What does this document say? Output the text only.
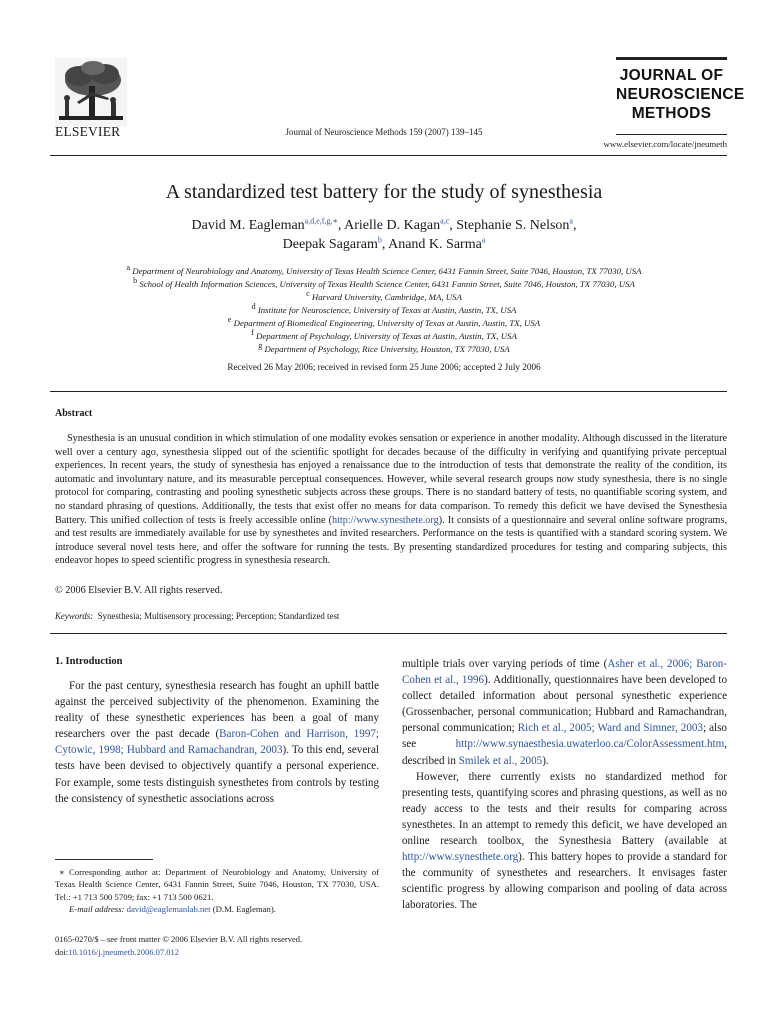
ELSEVIER	Journal of Neuroscience Methods 159 (2007) 139–145
JOURNAL OF
NEUROSCIENCE
METHODS
www.elsevier.com/locate/jneumeth
A standardized test battery for the study of synesthesia
David M. Eagleman$^{a,d,e,f,g,∗}$, Arielle D. Kagan$^{a,c}$, Stephanie S. Nelson$^a$,
Deepak Sagaram$^b$, Anand K. Sarma$^a$
$^a$ Department of Neurobiology and Anatomy, University of Texas Health Science Center, 6431 Fannin Street, Suite 7046, Houston, TX 77030, USA
$^b$ School of Health Information Sciences, University of Texas Health Science Center, 6431 Fannin Street, Suite 7046, Houston, TX 77030, USA
$^c$ Harvard University, Cambridge, MA, USA
$^d$ Institute for Neuroscience, University of Texas at Austin, Austin, TX, USA
$^e$ Department of Biomedical Engineering, University of Texas at Austin, Austin, TX, USA
$^f$ Department of Psychology, University of Texas at Austin, Austin, TX, USA
$^g$ Department of Psychology, Rice University, Houston, TX 77030, USA
Received 26 May 2006; received in revised form 25 June 2006; accepted 2 July 2006
Abstract
Synesthesia is an unusual condition in which stimulation of one modality evokes sensation or experience in another modality. Although discussed in the literature well over a century ago, synesthesia slipped out of the scientific spotlight for decades because of the difficulty in verifying and quantifying private perceptual experiences. In recent years, the study of synesthesia has enjoyed a renaissance due to the introduction of tests that demonstrate the reality of the condition, its automatic and involuntary nature, and its measurable perceptual consequences. However, while several research groups now study synesthesia, there is no single protocol for comparing, contrasting and pooling synesthetic subjects across these groups. There is no standard battery of tests, no quantifiable scoring system, and no standard phrasing of questions. Additionally, the tests that exist offer no means for data comparison. To remedy this deficit we have devised the Synesthesia Battery. This unified collection of tests is freely accessible online (http://www.synesthete.org). It consists of a questionnaire and several online software programs, and test results are immediately available for use by synesthetes and invited researchers. Performance on the tests is quantified with a standard scoring system. We introduce several novel tests here, and offer the software for running the tests. By presenting standardized procedures for testing and comparing subjects, this endeavor hopes to speed scientific progress in synesthesia research.
© 2006 Elsevier B.V. All rights reserved.
Keywords: Synesthesia; Multisensory processing; Perception; Standardized test
1. Introduction

For the past century, synesthesia research has fought an uphill battle against the perceived subjectivity of the phenomenon. Examining the reality of these synesthetic experiences has been a goal of many researchers over the past decade (Baron-Cohen and Harrison, 1997; Cytowic, 1998; Hubbard and Ramachandran, 2003). To this end, several tests have been devised to objectively quantify a personal experience. For example, some tests distinguish synesthetes from controls by testing the consistency of synesthetic associations across

∗ Corresponding author at: Department of Neurobiology and Anatomy, University of Texas Health Science Center, 6431 Fannin Street, Suite 7046, Houston, TX 77030, USA. Tel.: +1 713 500 5709; fax: +1 713 500 0621.
E-mail address: david@eaglemanlab.net (D.M. Eagleman).
0165-0270/$ – see front matter © 2006 Elsevier B.V. All rights reserved.
doi:10.1016/j.jneumeth.2006.07.012

multiple trials over varying periods of time (Asher et al., 2006; Baron-Cohen et al., 1996). Additionally, questionnaires have been developed to collect detailed information about personal synesthetic experience (Grossenbacher, personal communication; Hubbard and Ramachandran, personal communication; Rich et al., 2005; Ward and Simner, 2003; also see http://www.synaesthesia.uwaterloo.ca/ColorAssessment.htm, described in Smilek et al., 2005).

However, there currently exists no standardized method for presenting tests, quantifying scores and phrasing questions, as well as no ready access to the tests and their results for comparing across synesthetes. In an attempt to remedy this deficit, we have developed an online research toolbox, the Synesthesia Battery (available at http://www.synesthete.org). This battery hopes to provide a standard for the community of synesthetes and researchers. It envisages faster scientific progress by allowing comparison and pooling of data across laboratories. The
